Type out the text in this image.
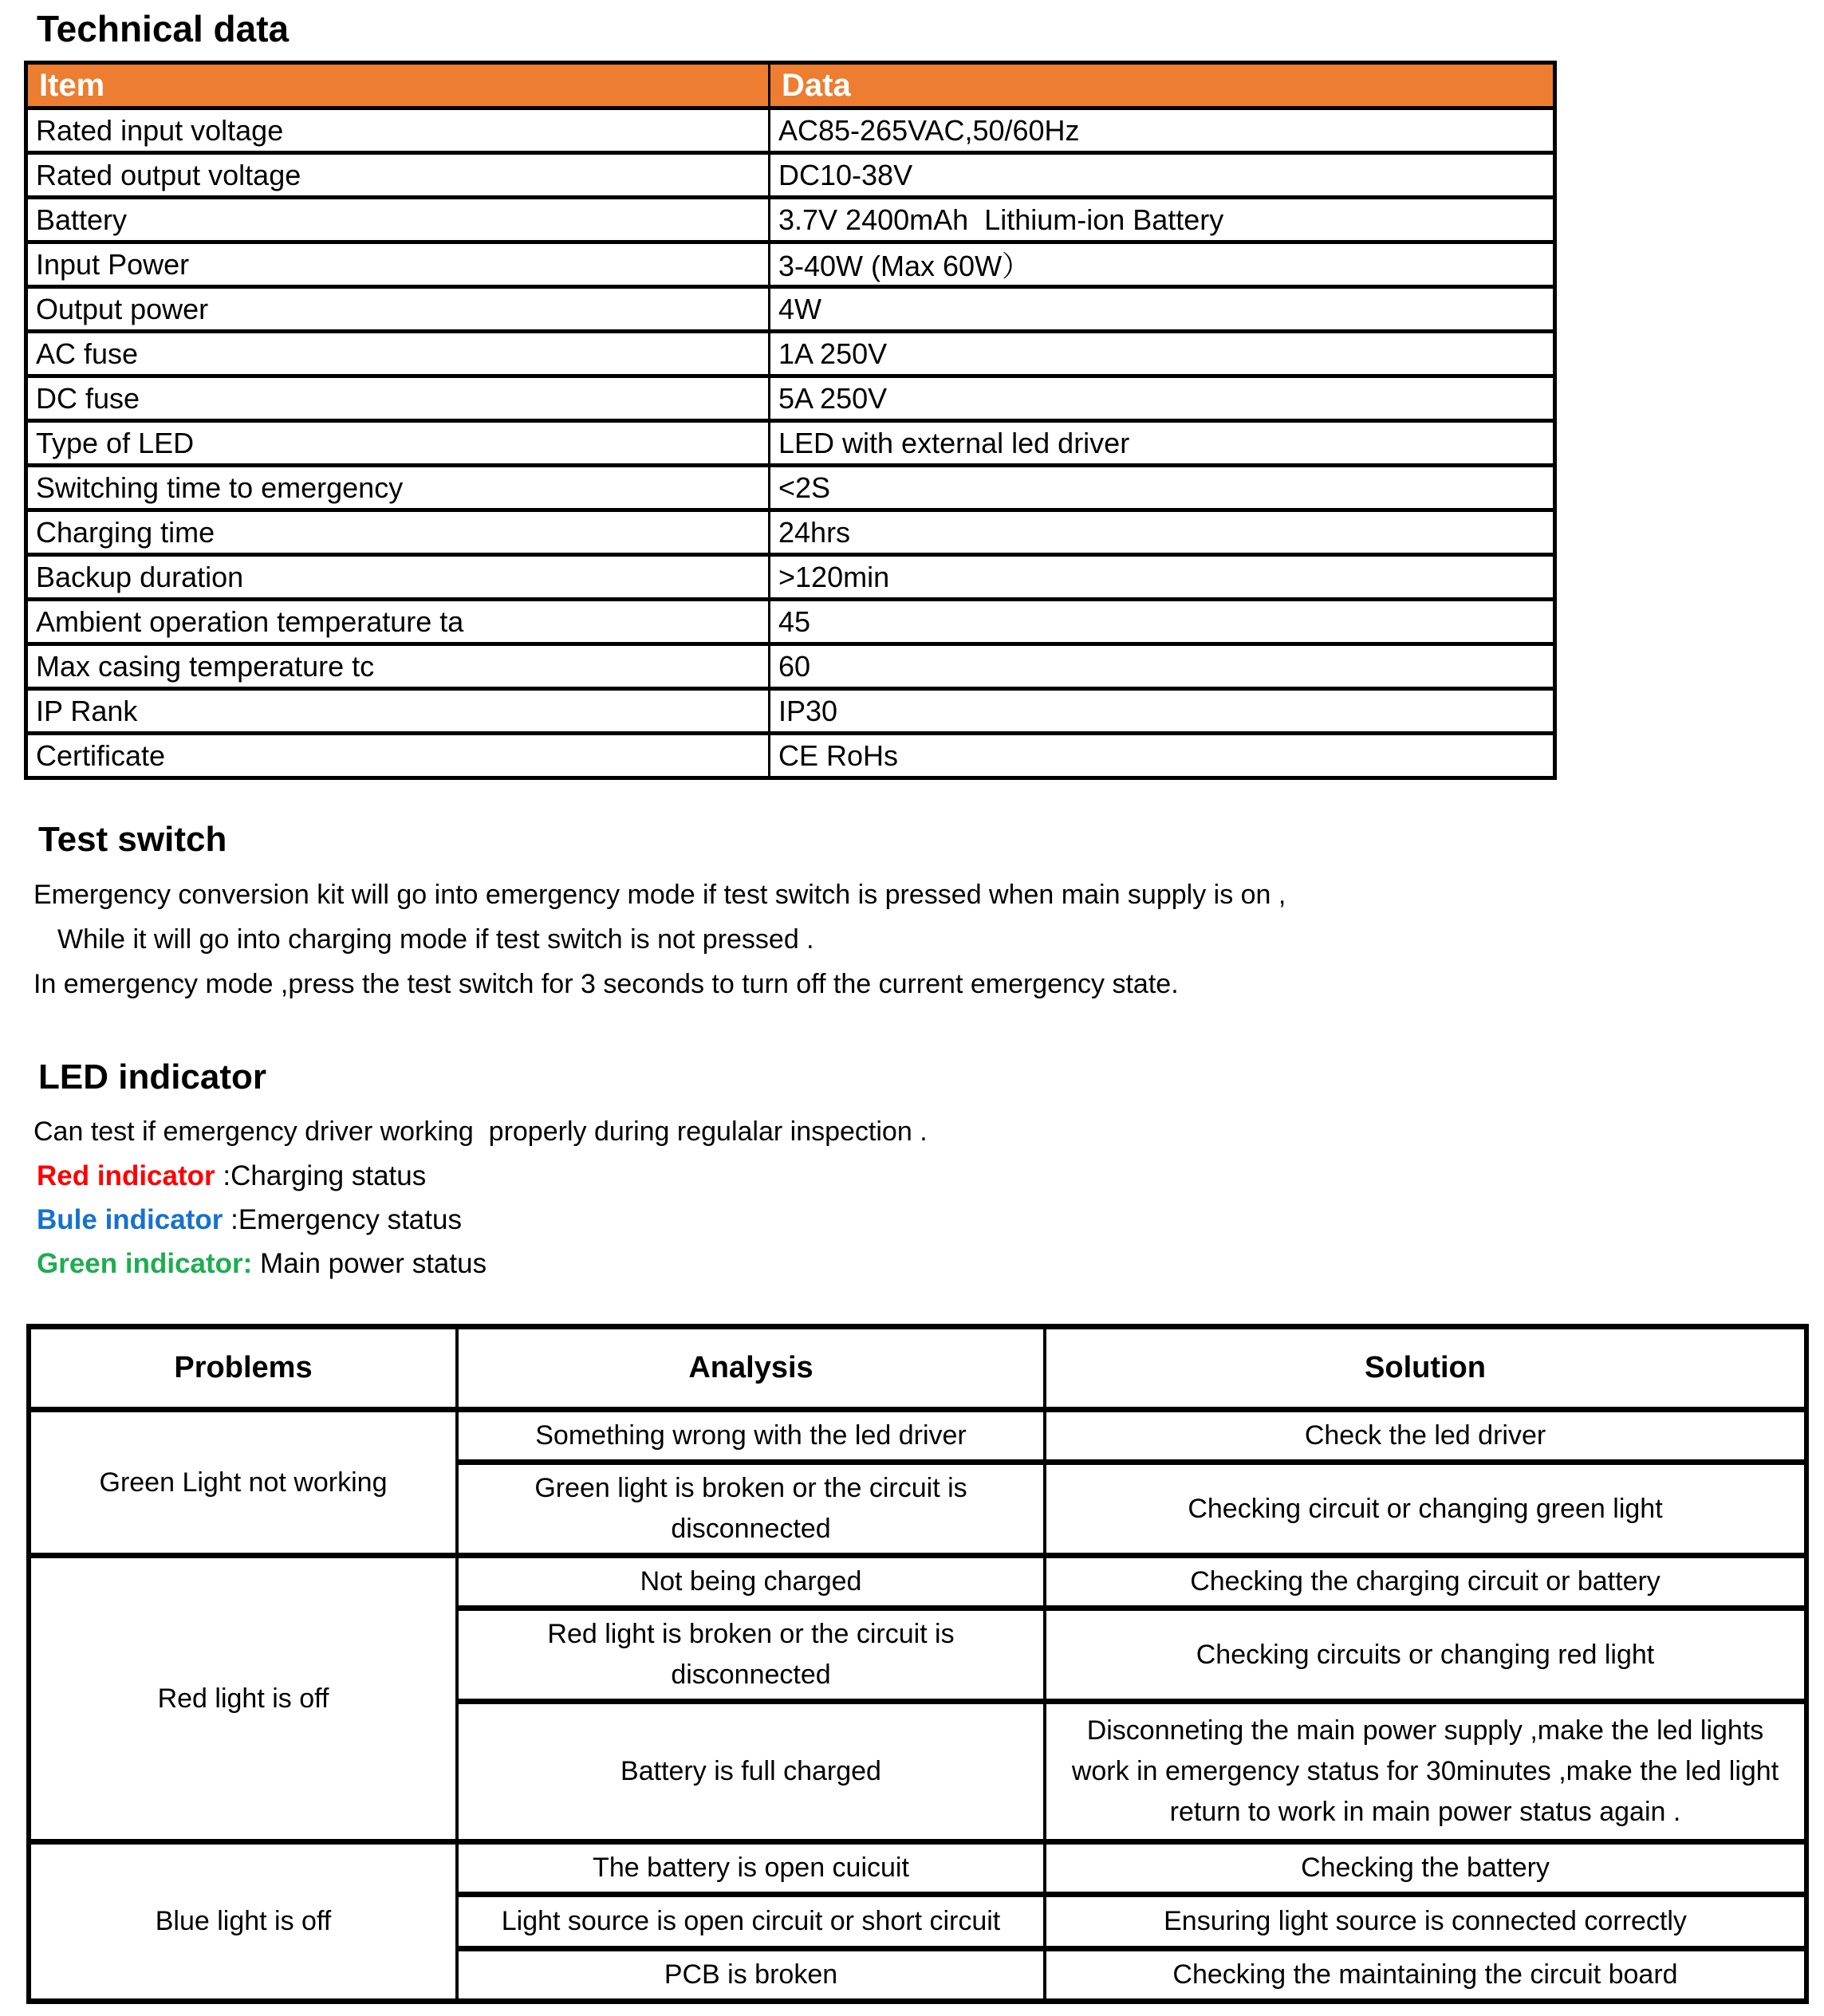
Technical data
Item	Data
Rated input voltage	AC85-265VAC,50/60Hz
Rated output voltage	DC10-38V
Battery	3.7V 2400mAh  Lithium-ion Battery
Input Power	3-40W (Max 60W）
Output power	4W
AC fuse	1A 250V
DC fuse	5A 250V
Type of LED	LED with external led driver
Switching time to emergency	<2S
Charging time	24hrs
Backup duration	>120min
Ambient operation temperature ta	45
Max casing temperature tc	60
IP Rank	IP30
Certificate	CE RoHs
Test switch

Emergency conversion kit will go into emergency mode if test switch is pressed when main supply is on ,

While it will go into charging mode if test switch is not pressed .

In emergency mode ,press the test switch for 3 seconds to turn off the current emergency state.

LED indicator

Can test if emergency driver working  properly during regulalar inspection .

Red indicator :Charging status

Bule indicator :Emergency status

Green indicator: Main power status

Problems	Analysis	Solution
Green Light not working	Something wrong with the led driver	Check the led driver
	Green light is broken or the circuit is disconnected	Checking circuit or changing green light
Red light is off	Not being charged	Checking the charging circuit or battery
	Red light is broken or the circuit is disconnected	Checking circuits or changing red light
	Battery is full charged	Disconneting the main power supply ,make the led lights work in emergency status for 30minutes ,make the led light return to work in main power status again .
Blue light is off	The battery is open cuicuit	Checking the battery
	Light source is open circuit or short circuit	Ensuring light source is connected correctly
	PCB is broken	Checking the maintaining the circuit board
